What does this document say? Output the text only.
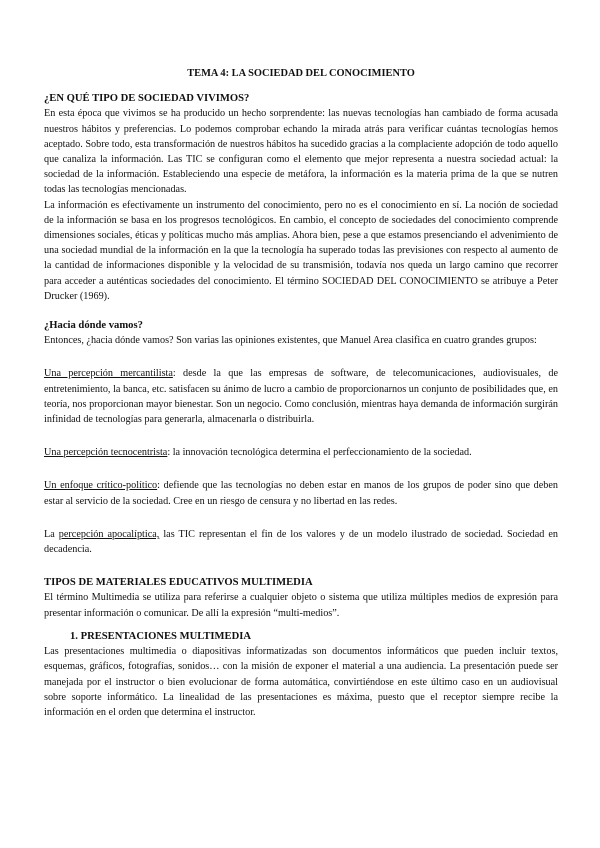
TEMA 4: LA SOCIEDAD DEL CONOCIMIENTO
¿EN QUÉ TIPO DE SOCIEDAD VIVIMOS?

En esta época que vivimos se ha producido un hecho sorprendente: las nuevas tecnologías han cambiado de forma acusada nuestros hábitos y preferencias. Lo podemos comprobar echando la mirada atrás para verificar cuántas tecnologías hemos aceptado. Sobre todo, esta transformación de nuestros hábitos ha sucedido gracias a la complaciente adopción de todo aquello que canaliza la información. Las TIC se configuran como el elemento que mejor representa a nuestra sociedad actual: la sociedad de la información. Estableciendo una especie de metáfora, la información es la materia prima de la que se nutren todas las tecnologías mencionadas.

La información es efectivamente un instrumento del conocimiento, pero no es el conocimiento en sí. La noción de sociedad de la información se basa en los progresos tecnológicos. En cambio, el concepto de sociedades del conocimiento comprende dimensiones sociales, éticas y políticas mucho más amplias. Ahora bien, pese a que estamos presenciando el advenimiento de una sociedad mundial de la información en la que la tecnología ha superado todas las previsiones con respecto al aumento de la cantidad de informaciones disponible y la velocidad de su transmisión, todavía nos queda un largo camino que recorrer para acceder a auténticas sociedades del conocimiento. El término SOCIEDAD DEL CONOCIMIENTO se atribuye a Peter Drucker (1969).

¿Hacia dónde vamos?

Entonces, ¿hacia dónde vamos? Son varias las opiniones existentes, que Manuel Area clasifica en cuatro grandes grupos:

Una percepción mercantilista: desde la que las empresas de software, de telecomunicaciones, audiovisuales, de entretenimiento, la banca, etc. satisfacen su ánimo de lucro a cambio de proporcionarnos un conjunto de posibilidades que, en teoría, nos proporcionan mayor bienestar. Son un negocio. Como conclusión, mientras haya demanda de información surgirán infinidad de tecnologías para generarla, almacenarla o distribuirla.

Una percepción tecnocentrista: la innovación tecnológica determina el perfeccionamiento de la sociedad.

Un enfoque crítico-político: defiende que las tecnologías no deben estar en manos de los grupos de poder sino que deben estar al servicio de la sociedad. Cree en un riesgo de censura y no libertad en las redes.

La percepción apocalíptica, las TIC representan el fin de los valores y de un modelo ilustrado de sociedad. Sociedad en decadencia.

TIPOS DE MATERIALES EDUCATIVOS MULTIMEDIA

El término Multimedia se utiliza para referirse a cualquier objeto o sistema que utiliza múltiples medios de expresión para presentar información o comunicar. De allí la expresión “multi-medios”.

1. PRESENTACIONES MULTIMEDIA

Las presentaciones multimedia o diapositivas informatizadas son documentos informáticos que pueden incluir textos, esquemas, gráficos, fotografías, sonidos… con la misión de exponer el material a una audiencia. La presentación puede ser manejada por el instructor o bien evolucionar de forma automática, convirtiéndose en este último caso en un audiovisual sobre soporte informático. La linealidad de las presentaciones es máxima, puesto que el receptor siempre recibe la información en el orden que determina el instructor.
